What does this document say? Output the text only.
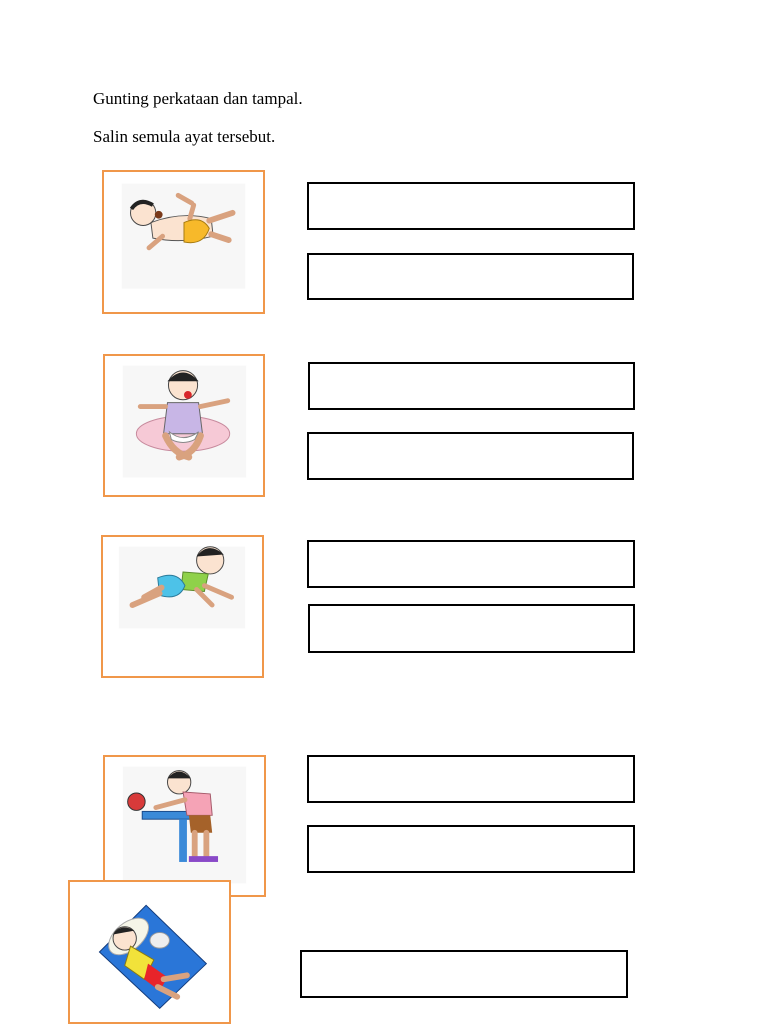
Gunting perkataan dan tampal.
Salin semula ayat tersebut.
